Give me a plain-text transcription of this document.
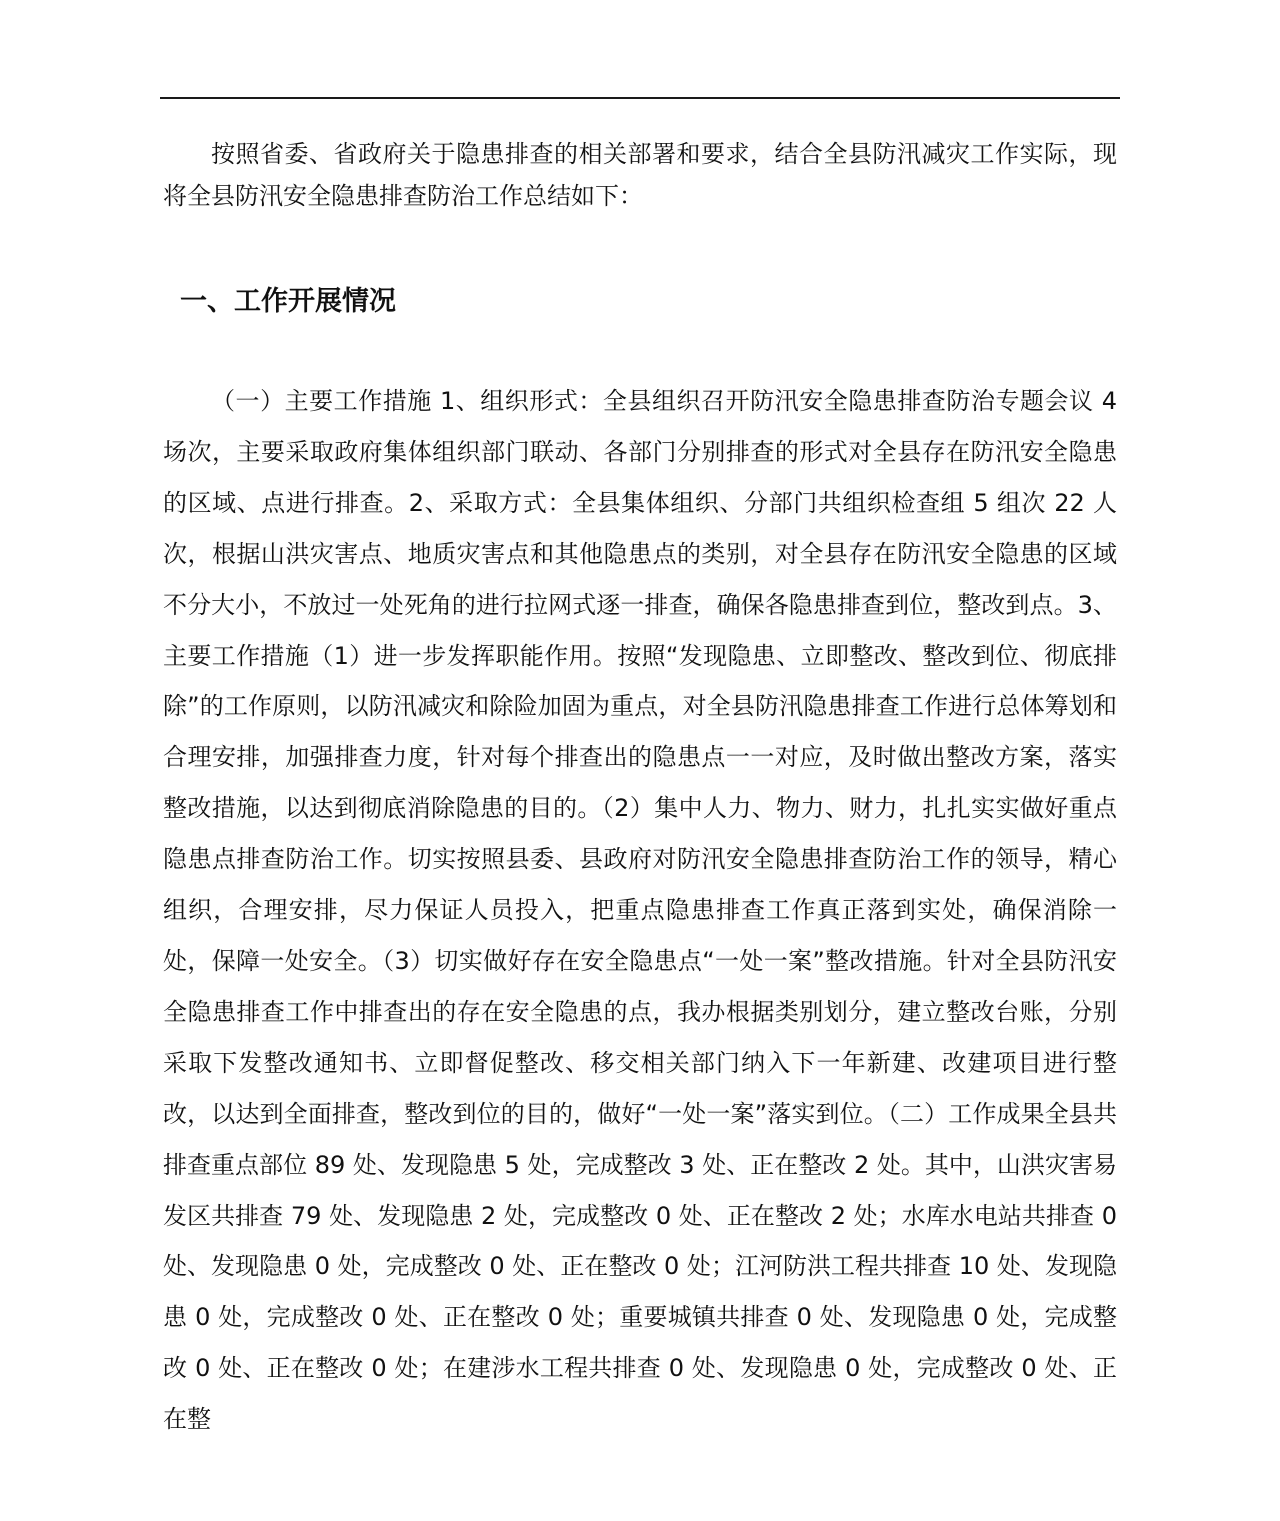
按照省委、省政府关于隐患排查的相关部署和要求，结合全县防汛减灾工作实际，现将全县防汛安全隐患排查防治工作总结如下：

一、工作开展情况

（一）主要工作措施 1、组织形式：全县组织召开防汛安全隐患排查防治专题会议 4 场次，主要采取政府集体组织部门联动、各部门分别排查的形式对全县存在防汛安全隐患的区域、点进行排查。2、采取方式：全县集体组织、分部门共组织检查组 5 组次 22 人次，根据山洪灾害点、地质灾害点和其他隐患点的类别，对全县存在防汛安全隐患的区域不分大小，不放过一处死角的进行拉网式逐一排查，确保各隐患排查到位，整改到点。3、主要工作措施（1）进一步发挥职能作用。按照“发现隐患、立即整改、整改到位、彻底排除”的工作原则，以防汛减灾和除险加固为重点，对全县防汛隐患排查工作进行总体筹划和合理安排，加强排查力度，针对每个排查出的隐患点一一对应，及时做出整改方案，落实整改措施，以达到彻底消除隐患的目的。（2）集中人力、物力、财力，扎扎实实做好重点隐患点排查防治工作。切实按照县委、县政府对防汛安全隐患排查防治工作的领导，精心组织，合理安排，尽力保证人员投入，把重点隐患排查工作真正落到实处，确保消除一处，保障一处安全。（3）切实做好存在安全隐患点“一处一案”整改措施。针对全县防汛安全隐患排查工作中排查出的存在安全隐患的点，我办根据类别划分，建立整改台账，分别采取下发整改通知书、立即督促整改、移交相关部门纳入下一年新建、改建项目进行整改，以达到全面排查，整改到位的目的，做好“一处一案”落实到位。（二）工作成果全县共排查重点部位 89 处、发现隐患 5 处，完成整改 3 处、正在整改 2 处。其中，山洪灾害易发区共排查 79 处、发现隐患 2 处，完成整改 0 处、正在整改 2 处；水库水电站共排查 0 处、发现隐患 0 处，完成整改 0 处、正在整改 0 处；江河防洪工程共排查 10 处、发现隐患 0 处，完成整改 0 处、正在整改 0 处；重要城镇共排查 0 处、发现隐患 0 处，完成整改 0 处、正在整改 0 处；在建涉水工程共排查 0 处、发现隐患 0 处，完成整改 0 处、正在整
